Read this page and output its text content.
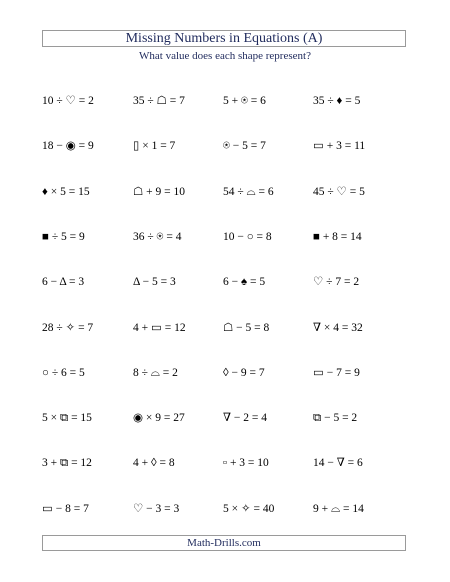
Missing Numbers in Equations (A)
What value does each shape represent?
10 ÷ ♡ = 2	35 ÷ ☖ = 7	5 + ⍟ = 6	35 ÷ ♦ = 5
18 − ◉ = 9	▯ × 1 = 7	⍟ − 5 = 7	▭ + 3 = 11
♦ × 5 = 15	☖ + 9 = 10	54 ÷ ⌓ = 6	45 ÷ ♡ = 5
■ ÷ 5 = 9	36 ÷ ⍟ = 4	10 − ○ = 8	■ + 8 = 14
6 − Δ = 3	Δ − 5 = 3	6 − ♠ = 5	♡ ÷ 7 = 2
28 ÷ ✧ = 7	4 + ▭ = 12	☖ − 5 = 8	∇ × 4 = 32
○ ÷ 6 = 5	8 ÷ ⌓ = 2	◊ − 9 = 7	▭ − 7 = 9
5 × ⧉ = 15	◉ × 9 = 27	∇ − 2 = 4	⧉ − 5 = 2
3 + ⧉ = 12	4 + ◊ = 8	▫ + 3 = 10	14 − ∇ = 6
▭ − 8 = 7	♡ − 3 = 3	5 × ✧ = 40	9 + ⌓ = 14
Math-Drills.com
